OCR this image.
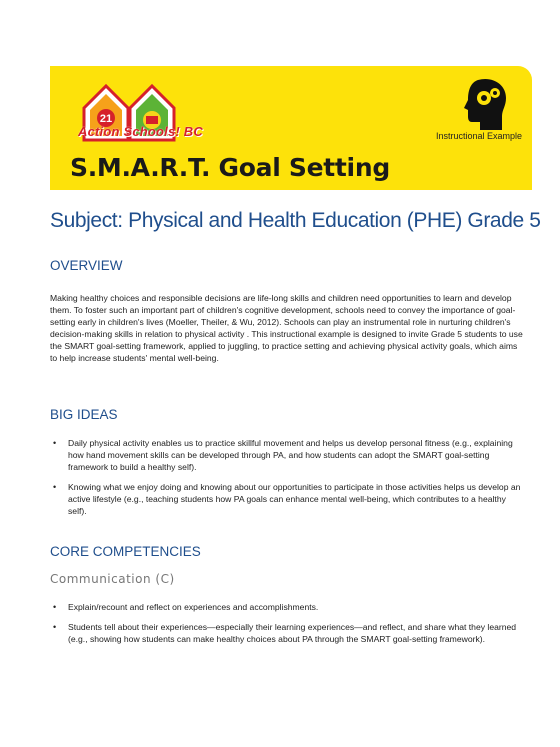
21
Action Schools! BC
S.M.A.R.T. Goal Setting
Instructional Example
Subject: Physical and Health Education (PHE) Grade 5
OVERVIEW

Making healthy choices and responsible decisions are life-long skills and children need opportunities to learn and develop them. To foster such an important part of children's cognitive development, schools need to convey the importance of goal-setting early in children's lives (Moeller, Theiler, & Wu, 2012). Schools can play an instrumental role in nurturing children's decision-making skills in relation to physical activity . This instructional example is designed to invite Grade 5 students to use the SMART goal-setting framework, applied to juggling, to practice setting and achieving physical activity goals, which aims to help increase students' mental well-being.

BIG IDEAS
• Daily physical activity enables us to practice skillful movement and helps us develop personal fitness (e.g., explaining how hand movement skills can be developed through PA, and how students can adopt the SMART goal-setting framework to build a healthy self).
• Knowing what we enjoy doing and knowing about our opportunities to participate in those activities helps us develop an active lifestyle (e.g., teaching students how PA goals can enhance mental well-being, which contributes to a healthy self).
CORE COMPETENCIES
Communication (C)
• Explain/recount and reflect on experiences and accomplishments.
• Students tell about their experiences—especially their learning experiences—and reflect, and share what they learned (e.g., showing how students can make healthy choices about PA through the SMART goal-setting framework).
